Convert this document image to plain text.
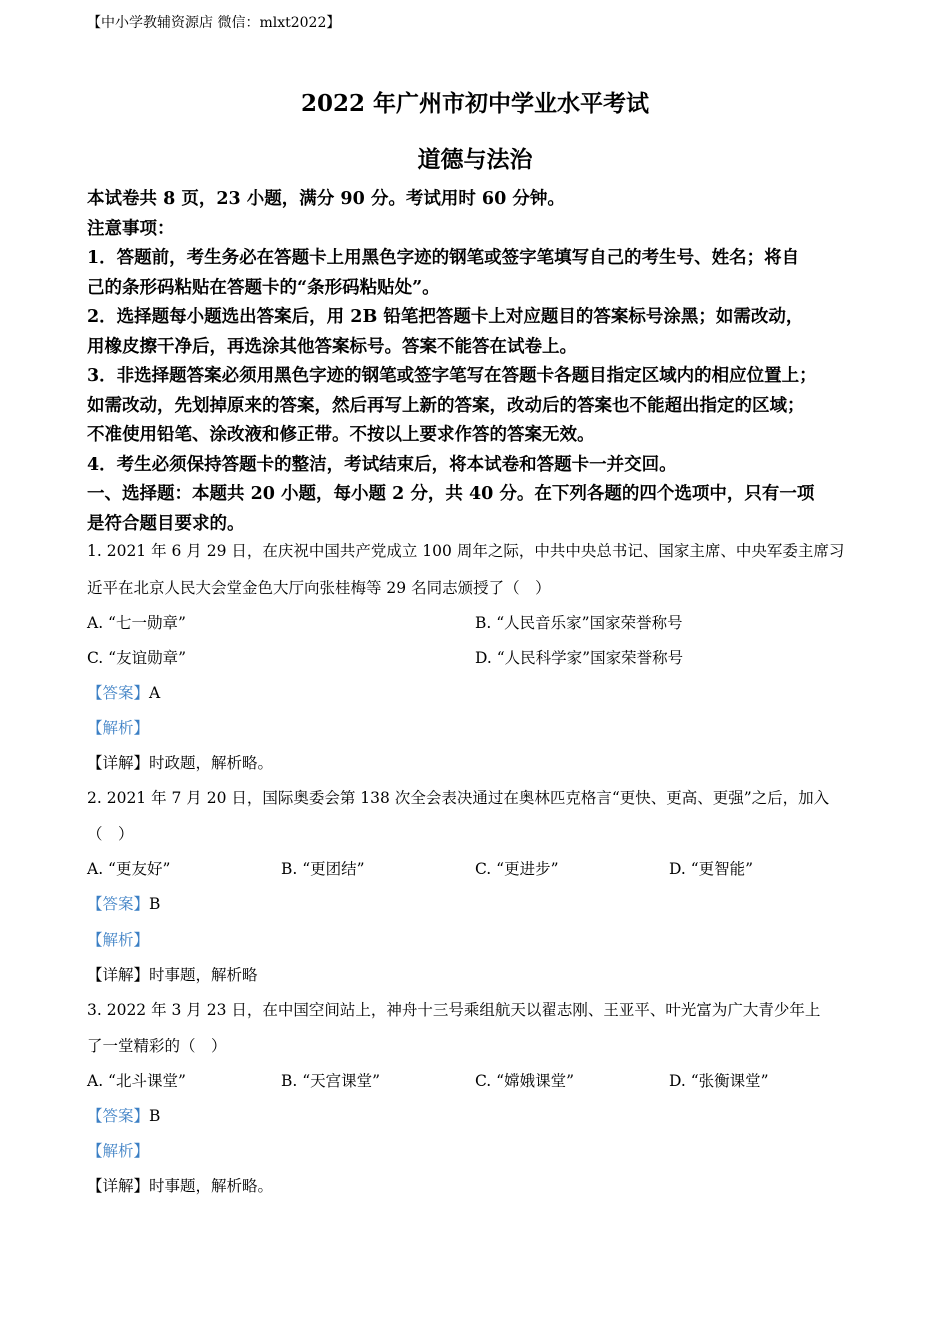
【中小学教辅资源店 微信：mlxt2022】
2022 年广州市初中学业水平考试
道德与法治
本试卷共 8 页，23 小题，满分 90 分。考试用时 60 分钟。
注意事项：
1．答题前，考生务必在答题卡上用黑色字迹的钢笔或签字笔填写自己的考生号、姓名；将自
己的条形码粘贴在答题卡的“条形码粘贴处”。
2．选择题每小题选出答案后，用 2B 铅笔把答题卡上对应题目的答案标号涂黑；如需改动，
用橡皮擦干净后，再选涂其他答案标号。答案不能答在试卷上。
3．非选择题答案必须用黑色字迹的钢笔或签字笔写在答题卡各题目指定区域内的相应位置上；
如需改动，先划掉原来的答案，然后再写上新的答案，改动后的答案也不能超出指定的区域；
不准使用铅笔、涂改液和修正带。不按以上要求作答的答案无效。
4．考生必须保持答题卡的整洁，考试结束后，将本试卷和答题卡一并交回。
一、选择题：本题共 20 小题，每小题 2 分，共 40 分。在下列各题的四个选项中，只有一项
是符合题目要求的。
1. 2021 年 6 月 29 日，在庆祝中国共产党成立 100 周年之际，中共中央总书记、国家主席、中央军委主席习
近平在北京人民大会堂金色大厅向张桂梅等 29 名同志颁授了（　）
A. “七一勋章”	B. “人民音乐家”国家荣誉称号
C. “友谊勋章”	D. “人民科学家”国家荣誉称号
【答案】A
【解析】
【详解】时政题，解析略。
2. 2021 年 7 月 20 日，国际奥委会第 138 次全会表决通过在奥林匹克格言“更快、更高、更强”之后，加入
（　）
A. “更友好”	B. “更团结”	C. “更进步”	D. “更智能”
【答案】B
【解析】
【详解】时事题，解析略
3. 2022 年 3 月 23 日，在中国空间站上，神舟十三号乘组航天以翟志刚、王亚平、叶光富为广大青少年上
了一堂精彩的（　）
A. “北斗课堂”	B. “天宫课堂”	C. “嫦娥课堂”	D. “张衡课堂”
【答案】B
【解析】
【详解】时事题，解析略。
